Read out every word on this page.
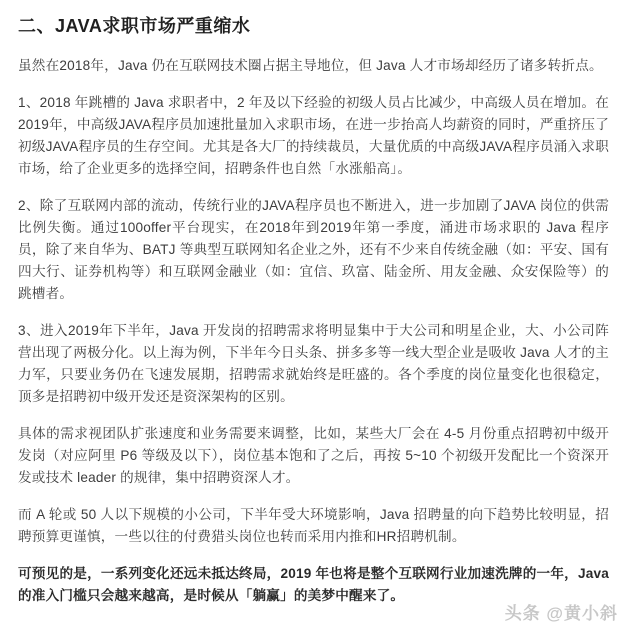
二、JAVA求职市场严重缩水

虽然在2018年，Java 仍在互联网技术圈占据主导地位，但 Java 人才市场却经历了诸多转折点。

1、2018 年跳槽的 Java 求职者中，2 年及以下经验的初级人员占比减少，中高级人员在增加。在2019年，中高级JAVA程序员加速批量加入求职市场，在进一步抬高人均薪资的同时，严重挤压了初级JAVA程序员的生存空间。尤其是各大厂的持续裁员，大量优质的中高级JAVA程序员涌入求职市场，给了企业更多的选择空间，招聘条件也自然「水涨船高」。

2、除了互联网内部的流动，传统行业的JAVA程序员也不断进入，进一步加剧了JAVA 岗位的供需比例失衡。通过100offer平台现实，在2018年到2019年第一季度，涌进市场求职的 Java 程序员，除了来自华为、BATJ 等典型互联网知名企业之外，还有不少来自传统金融（如：平安、国有四大行、证券机构等）和互联网金融业（如：宜信、玖富、陆金所、用友金融、众安保险等）的跳槽者。

3、进入2019年下半年，Java 开发岗的招聘需求将明显集中于大公司和明星企业，大、小公司阵营出现了两极分化。以上海为例，下半年今日头条、拼多多等一线大型企业是吸收 Java 人才的主力军，只要业务仍在飞速发展期，招聘需求就始终是旺盛的。各个季度的岗位量变化也很稳定，顶多是招聘初中级开发还是资深架构的区别。

具体的需求视团队扩张速度和业务需要来调整，比如，某些大厂会在 4-5 月份重点招聘初中级开发岗（对应阿里 P6 等级及以下），岗位基本饱和了之后，再按 5~10 个初级开发配比一个资深开发或技术 leader 的规律，集中招聘资深人才。

而 A 轮或 50 人以下规模的小公司，下半年受大环境影响，Java 招聘量的向下趋势比较明显，招聘预算更谨慎，一些以往的付费猎头岗位也转而采用内推和HR招聘机制。

可预见的是，一系列变化还远未抵达终局，2019 年也将是整个互联网行业加速洗牌的一年，Java 的准入门槛只会越来越高，是时候从「躺赢」的美梦中醒来了。

头条 @黄小斜
